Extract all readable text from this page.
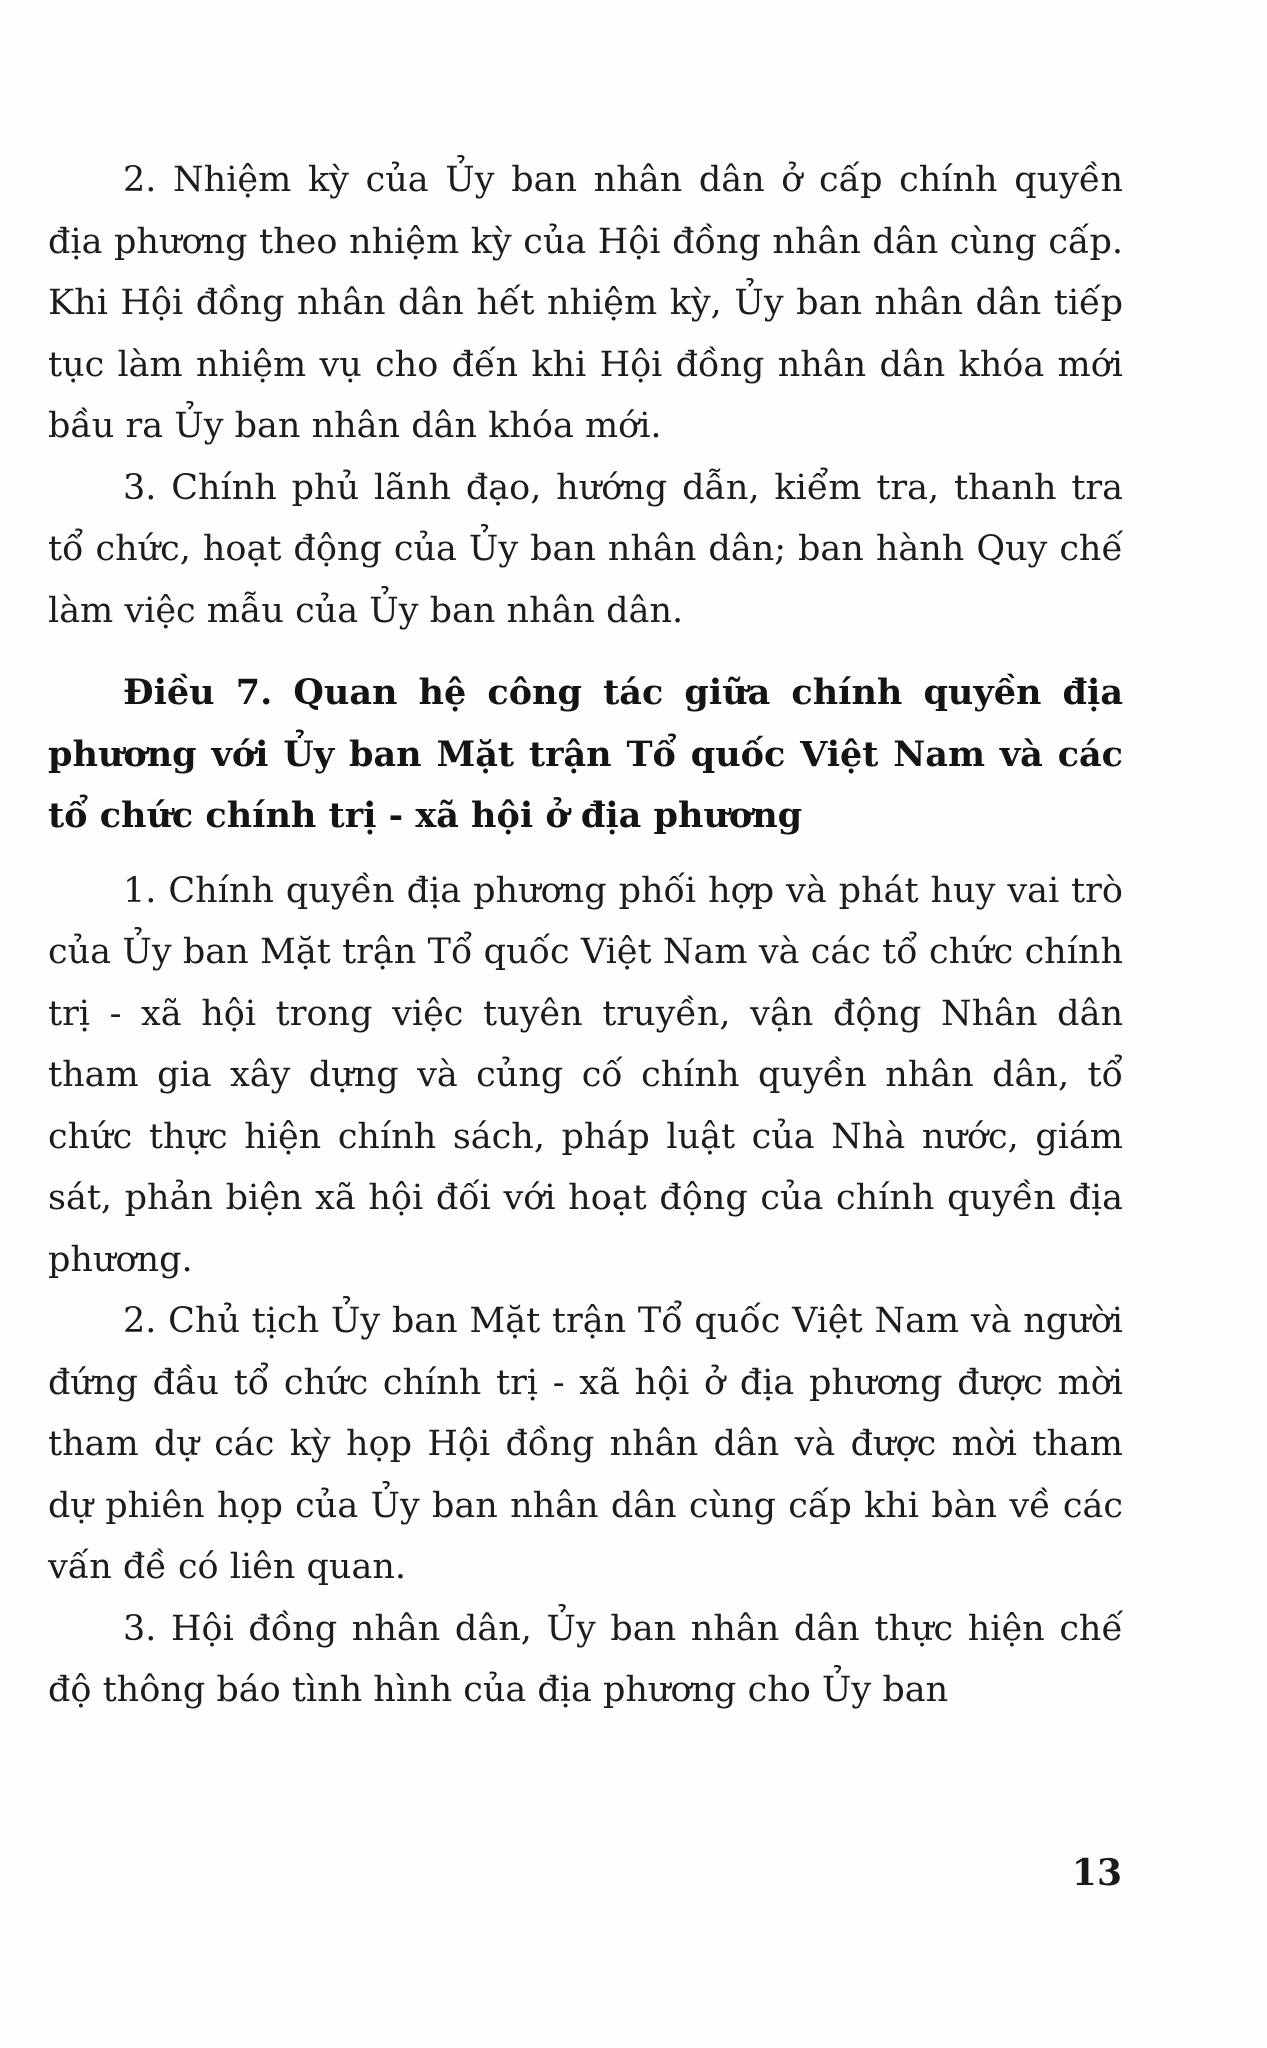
2. Nhiệm kỳ của Ủy ban nhân dân ở cấp chính quyền địa phương theo nhiệm kỳ của Hội đồng nhân dân cùng cấp. Khi Hội đồng nhân dân hết nhiệm kỳ, Ủy ban nhân dân tiếp tục làm nhiệm vụ cho đến khi Hội đồng nhân dân khóa mới bầu ra Ủy ban nhân dân khóa mới.

3. Chính phủ lãnh đạo, hướng dẫn, kiểm tra, thanh tra tổ chức, hoạt động của Ủy ban nhân dân; ban hành Quy chế làm việc mẫu của Ủy ban nhân dân.

Điều 7. Quan hệ công tác giữa chính quyền địa phương với Ủy ban Mặt trận Tổ quốc Việt Nam và các tổ chức chính trị - xã hội ở địa phương

1. Chính quyền địa phương phối hợp và phát huy vai trò của Ủy ban Mặt trận Tổ quốc Việt Nam và các tổ chức chính trị - xã hội trong việc tuyên truyền, vận động Nhân dân tham gia xây dựng và củng cố chính quyền nhân dân, tổ chức thực hiện chính sách, pháp luật của Nhà nước, giám sát, phản biện xã hội đối với hoạt động của chính quyền địa phương.

2. Chủ tịch Ủy ban Mặt trận Tổ quốc Việt Nam và người đứng đầu tổ chức chính trị - xã hội ở địa phương được mời tham dự các kỳ họp Hội đồng nhân dân và được mời tham dự phiên họp của Ủy ban nhân dân cùng cấp khi bàn về các vấn đề có liên quan.

3. Hội đồng nhân dân, Ủy ban nhân dân thực hiện chế độ thông báo tình hình của địa phương cho Ủy ban

13
